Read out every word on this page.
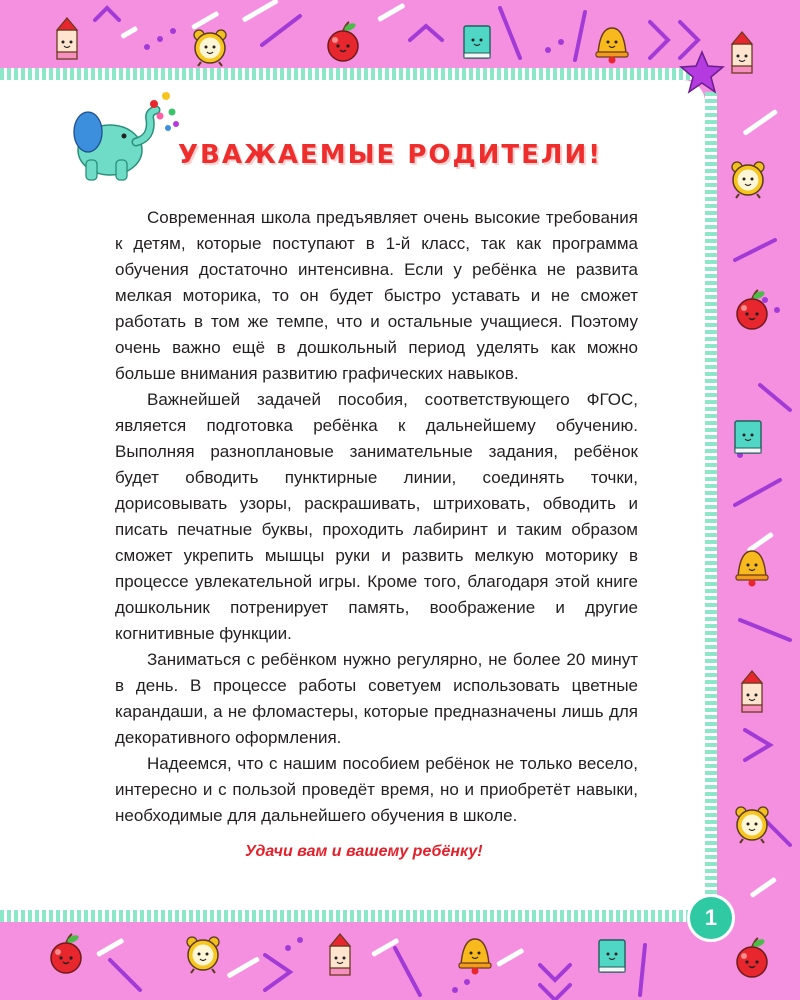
УВАЖАЕМЫЕ РОДИТЕЛИ!

Современная школа предъявляет очень высокие требования к детям, которые поступают в 1-й класс, так как программа обучения достаточно интенсивна. Если у ребёнка не развита мелкая моторика, то он будет быстро уставать и не сможет работать в том же темпе, что и остальные учащиеся. Поэтому очень важно ещё в дошкольный период уделять как можно больше внимания развитию графических навыков.

Важнейшей задачей пособия, соответствующего ФГОС, является подготовка ребёнка к дальнейшему обучению. Выполняя разноплановые занимательные задания, ребёнок будет обводить пунктирные линии, соединять точки, дорисовывать узоры, раскрашивать, штриховать, обводить и писать печатные буквы, проходить лабиринт и таким образом сможет укрепить мышцы руки и развить мелкую моторику в процессе увлекательной игры. Кроме того, благодаря этой книге дошкольник потренирует память, воображение и другие когнитивные функции.

Заниматься с ребёнком нужно регулярно, не более 20 минут в день. В процессе работы советуем использовать цветные карандаши, а не фломастеры, которые предназначены лишь для декоративного оформления.

Надеемся, что с нашим пособием ребёнок не только весело, интересно и с пользой проведёт время, но и приобретёт навыки, необходимые для дальнейшего обучения в школе.

Удачи вам и вашему ребёнку!

1
